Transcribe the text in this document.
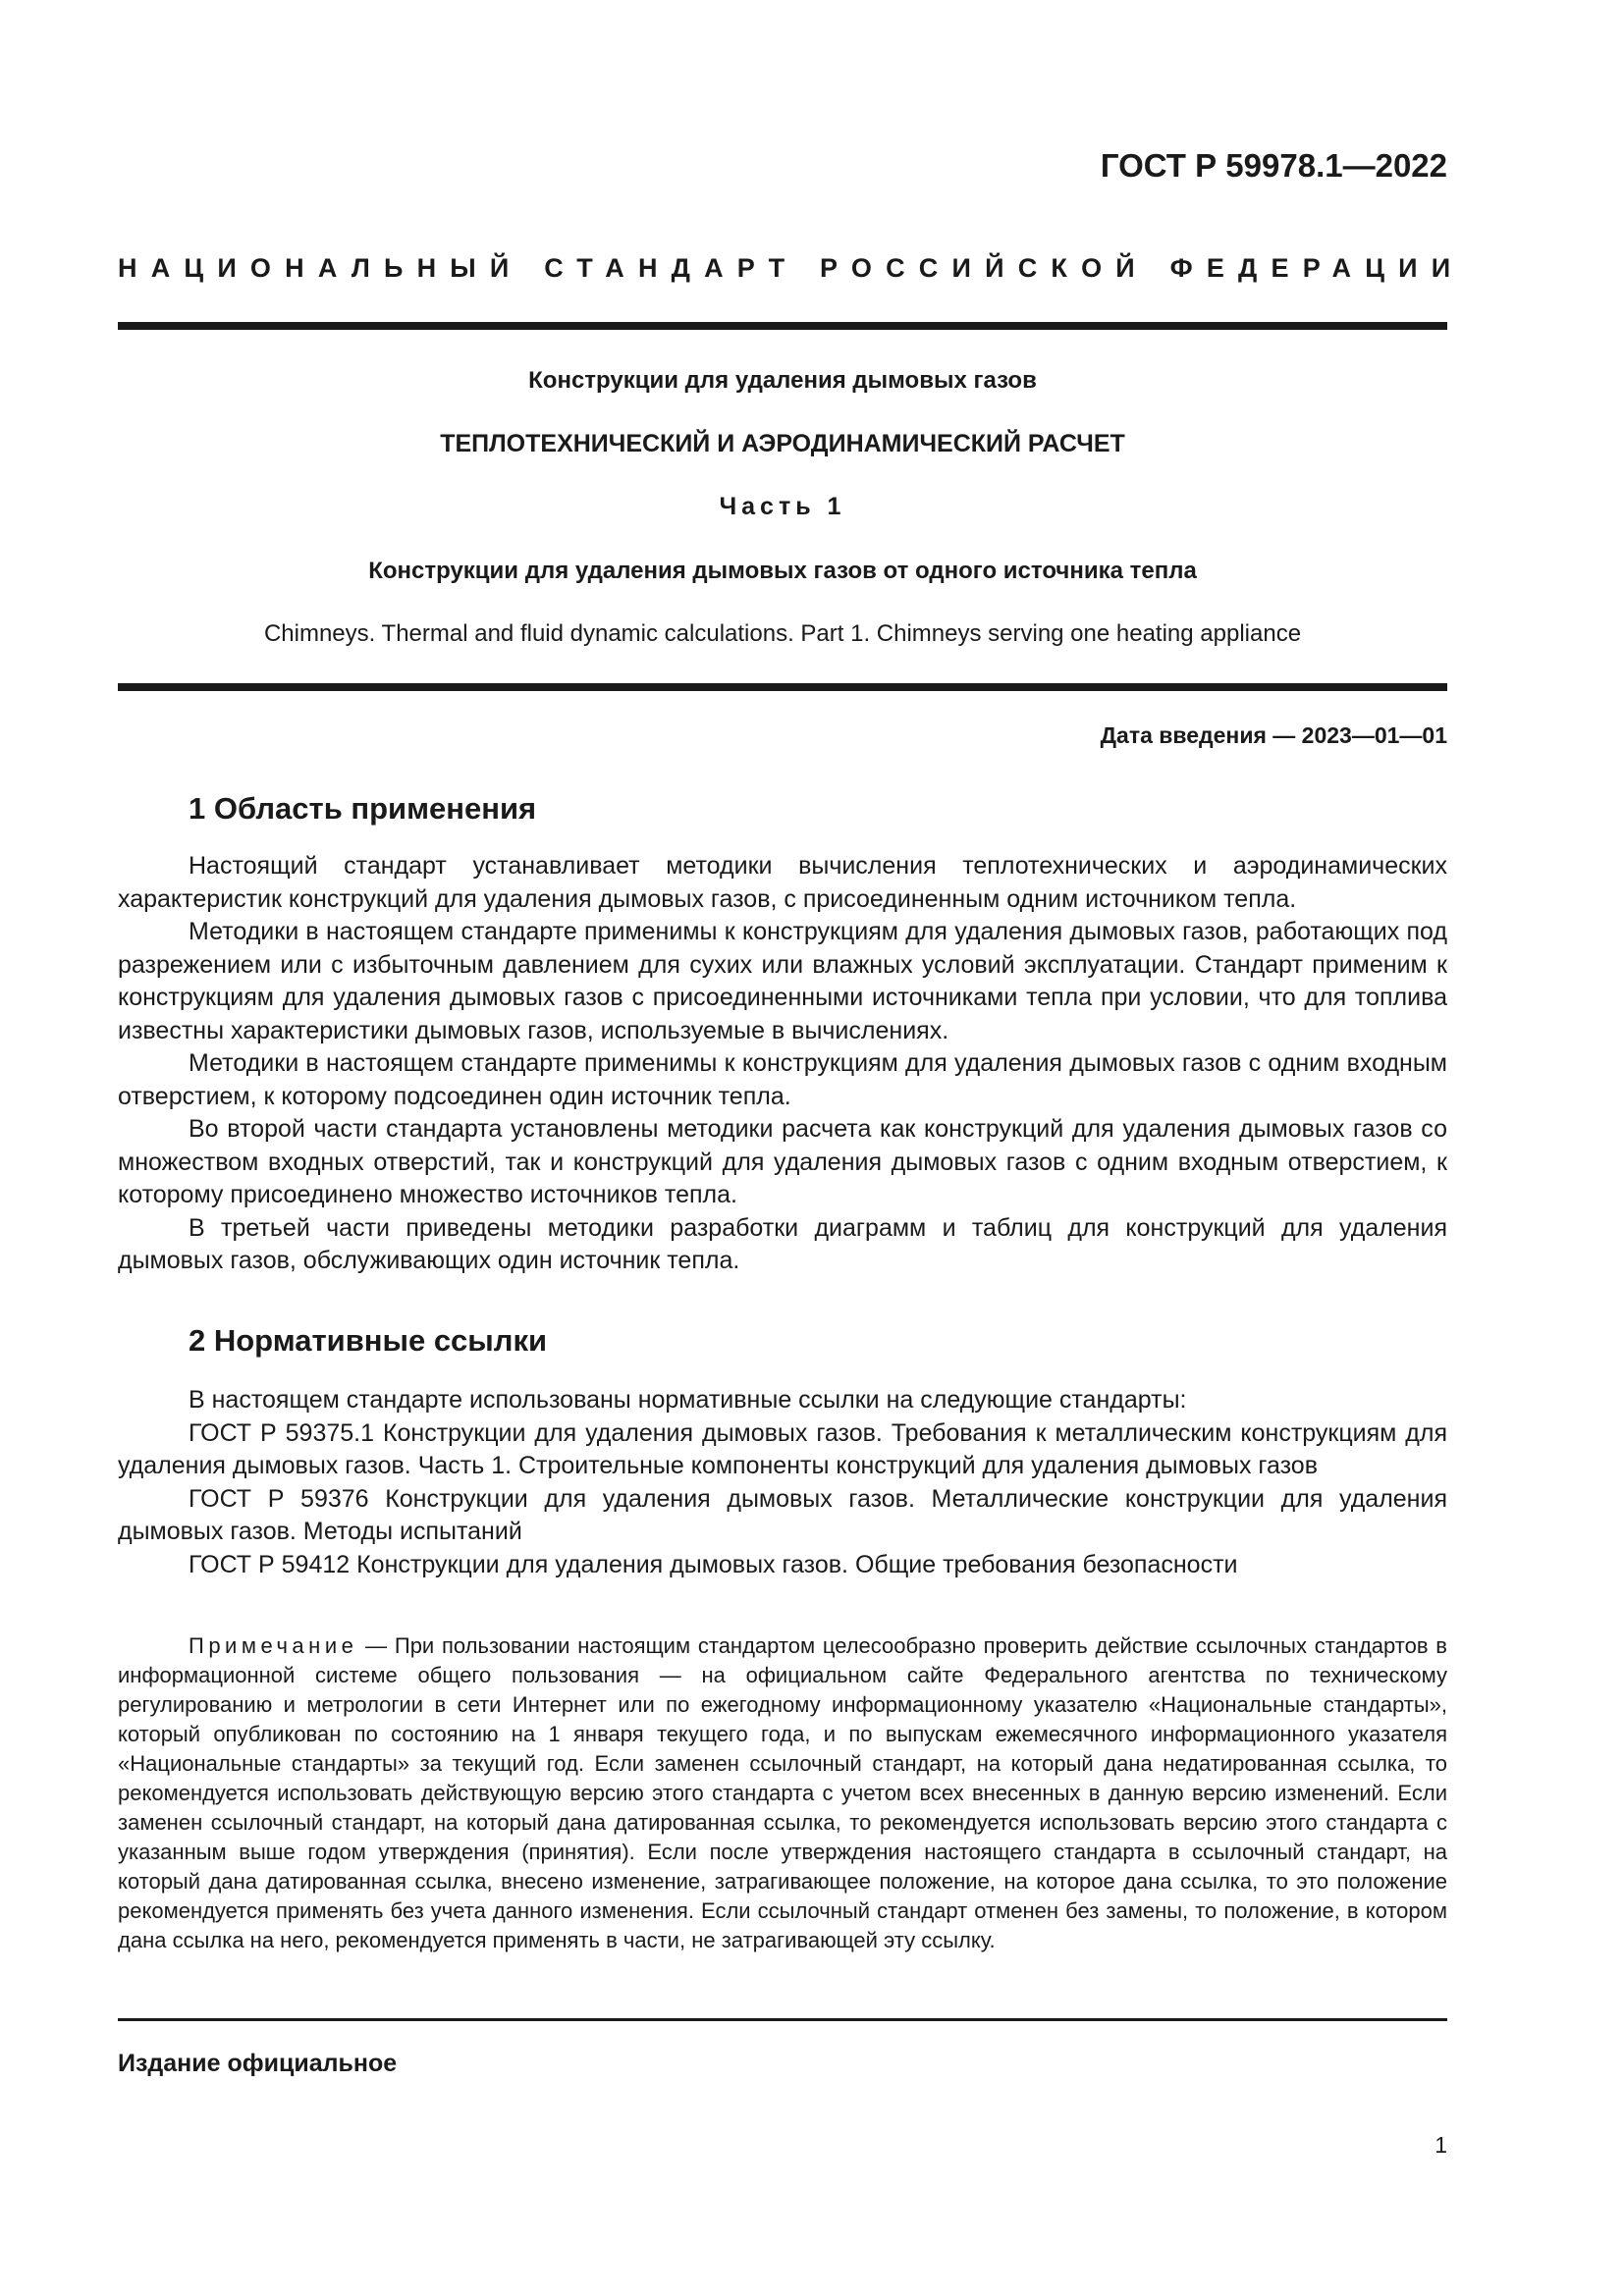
ГОСТ Р 59978.1—2022
НАЦИОНАЛЬНЫЙ СТАНДАРТ РОССИЙСКОЙ ФЕДЕРАЦИИ
Конструкции для удаления дымовых газов
ТЕПЛОТЕХНИЧЕСКИЙ И АЭРОДИНАМИЧЕСКИЙ РАСЧЕТ
Часть 1
Конструкции для удаления дымовых газов от одного источника тепла
Chimneys. Thermal and fluid dynamic calculations. Part 1. Chimneys serving one heating appliance
Дата введения — 2023—01—01
1 Область применения

Настоящий стандарт устанавливает методики вычисления теплотехнических и аэродинамических характеристик конструкций для удаления дымовых газов, с присоединенным одним источником тепла.

Методики в настоящем стандарте применимы к конструкциям для удаления дымовых газов, работающих под разрежением или с избыточным давлением для сухих или влажных условий эксплуатации. Стандарт применим к конструкциям для удаления дымовых газов с присоединенными источниками тепла при условии, что для топлива известны характеристики дымовых газов, используемые в вычислениях.

Методики в настоящем стандарте применимы к конструкциям для удаления дымовых газов с одним входным отверстием, к которому подсоединен один источник тепла.

Во второй части стандарта установлены методики расчета как конструкций для удаления дымовых газов со множеством входных отверстий, так и конструкций для удаления дымовых газов с одним входным отверстием, к которому присоединено множество источников тепла.

В третьей части приведены методики разработки диаграмм и таблиц для конструкций для удаления дымовых газов, обслуживающих один источник тепла.

2 Нормативные ссылки

В настоящем стандарте использованы нормативные ссылки на следующие стандарты:

ГОСТ Р 59375.1 Конструкции для удаления дымовых газов. Требования к металлическим конструкциям для удаления дымовых газов. Часть 1. Строительные компоненты конструкций для удаления дымовых газов

ГОСТ Р 59376 Конструкции для удаления дымовых газов. Металлические конструкции для удаления дымовых газов. Методы испытаний

ГОСТ Р 59412 Конструкции для удаления дымовых газов. Общие требования безопасности

Примечание — При пользовании настоящим стандартом целесообразно проверить действие ссылочных стандартов в информационной системе общего пользования — на официальном сайте Федерального агентства по техническому регулированию и метрологии в сети Интернет или по ежегодному информационному указателю «Национальные стандарты», который опубликован по состоянию на 1 января текущего года, и по выпускам ежемесячного информационного указателя «Национальные стандарты» за текущий год. Если заменен ссылочный стандарт, на который дана недатированная ссылка, то рекомендуется использовать действующую версию этого стандарта с учетом всех внесенных в данную версию изменений. Если заменен ссылочный стандарт, на который дана датированная ссылка, то рекомендуется использовать версию этого стандарта с указанным выше годом утверждения (принятия). Если после утверждения настоящего стандарта в ссылочный стандарт, на который дана датированная ссылка, внесено изменение, затрагивающее положение, на которое дана ссылка, то это положение рекомендуется применять без учета данного изменения. Если ссылочный стандарт отменен без замены, то положение, в котором дана ссылка на него, рекомендуется применять в части, не затрагивающей эту ссылку.

Издание официальное
1
